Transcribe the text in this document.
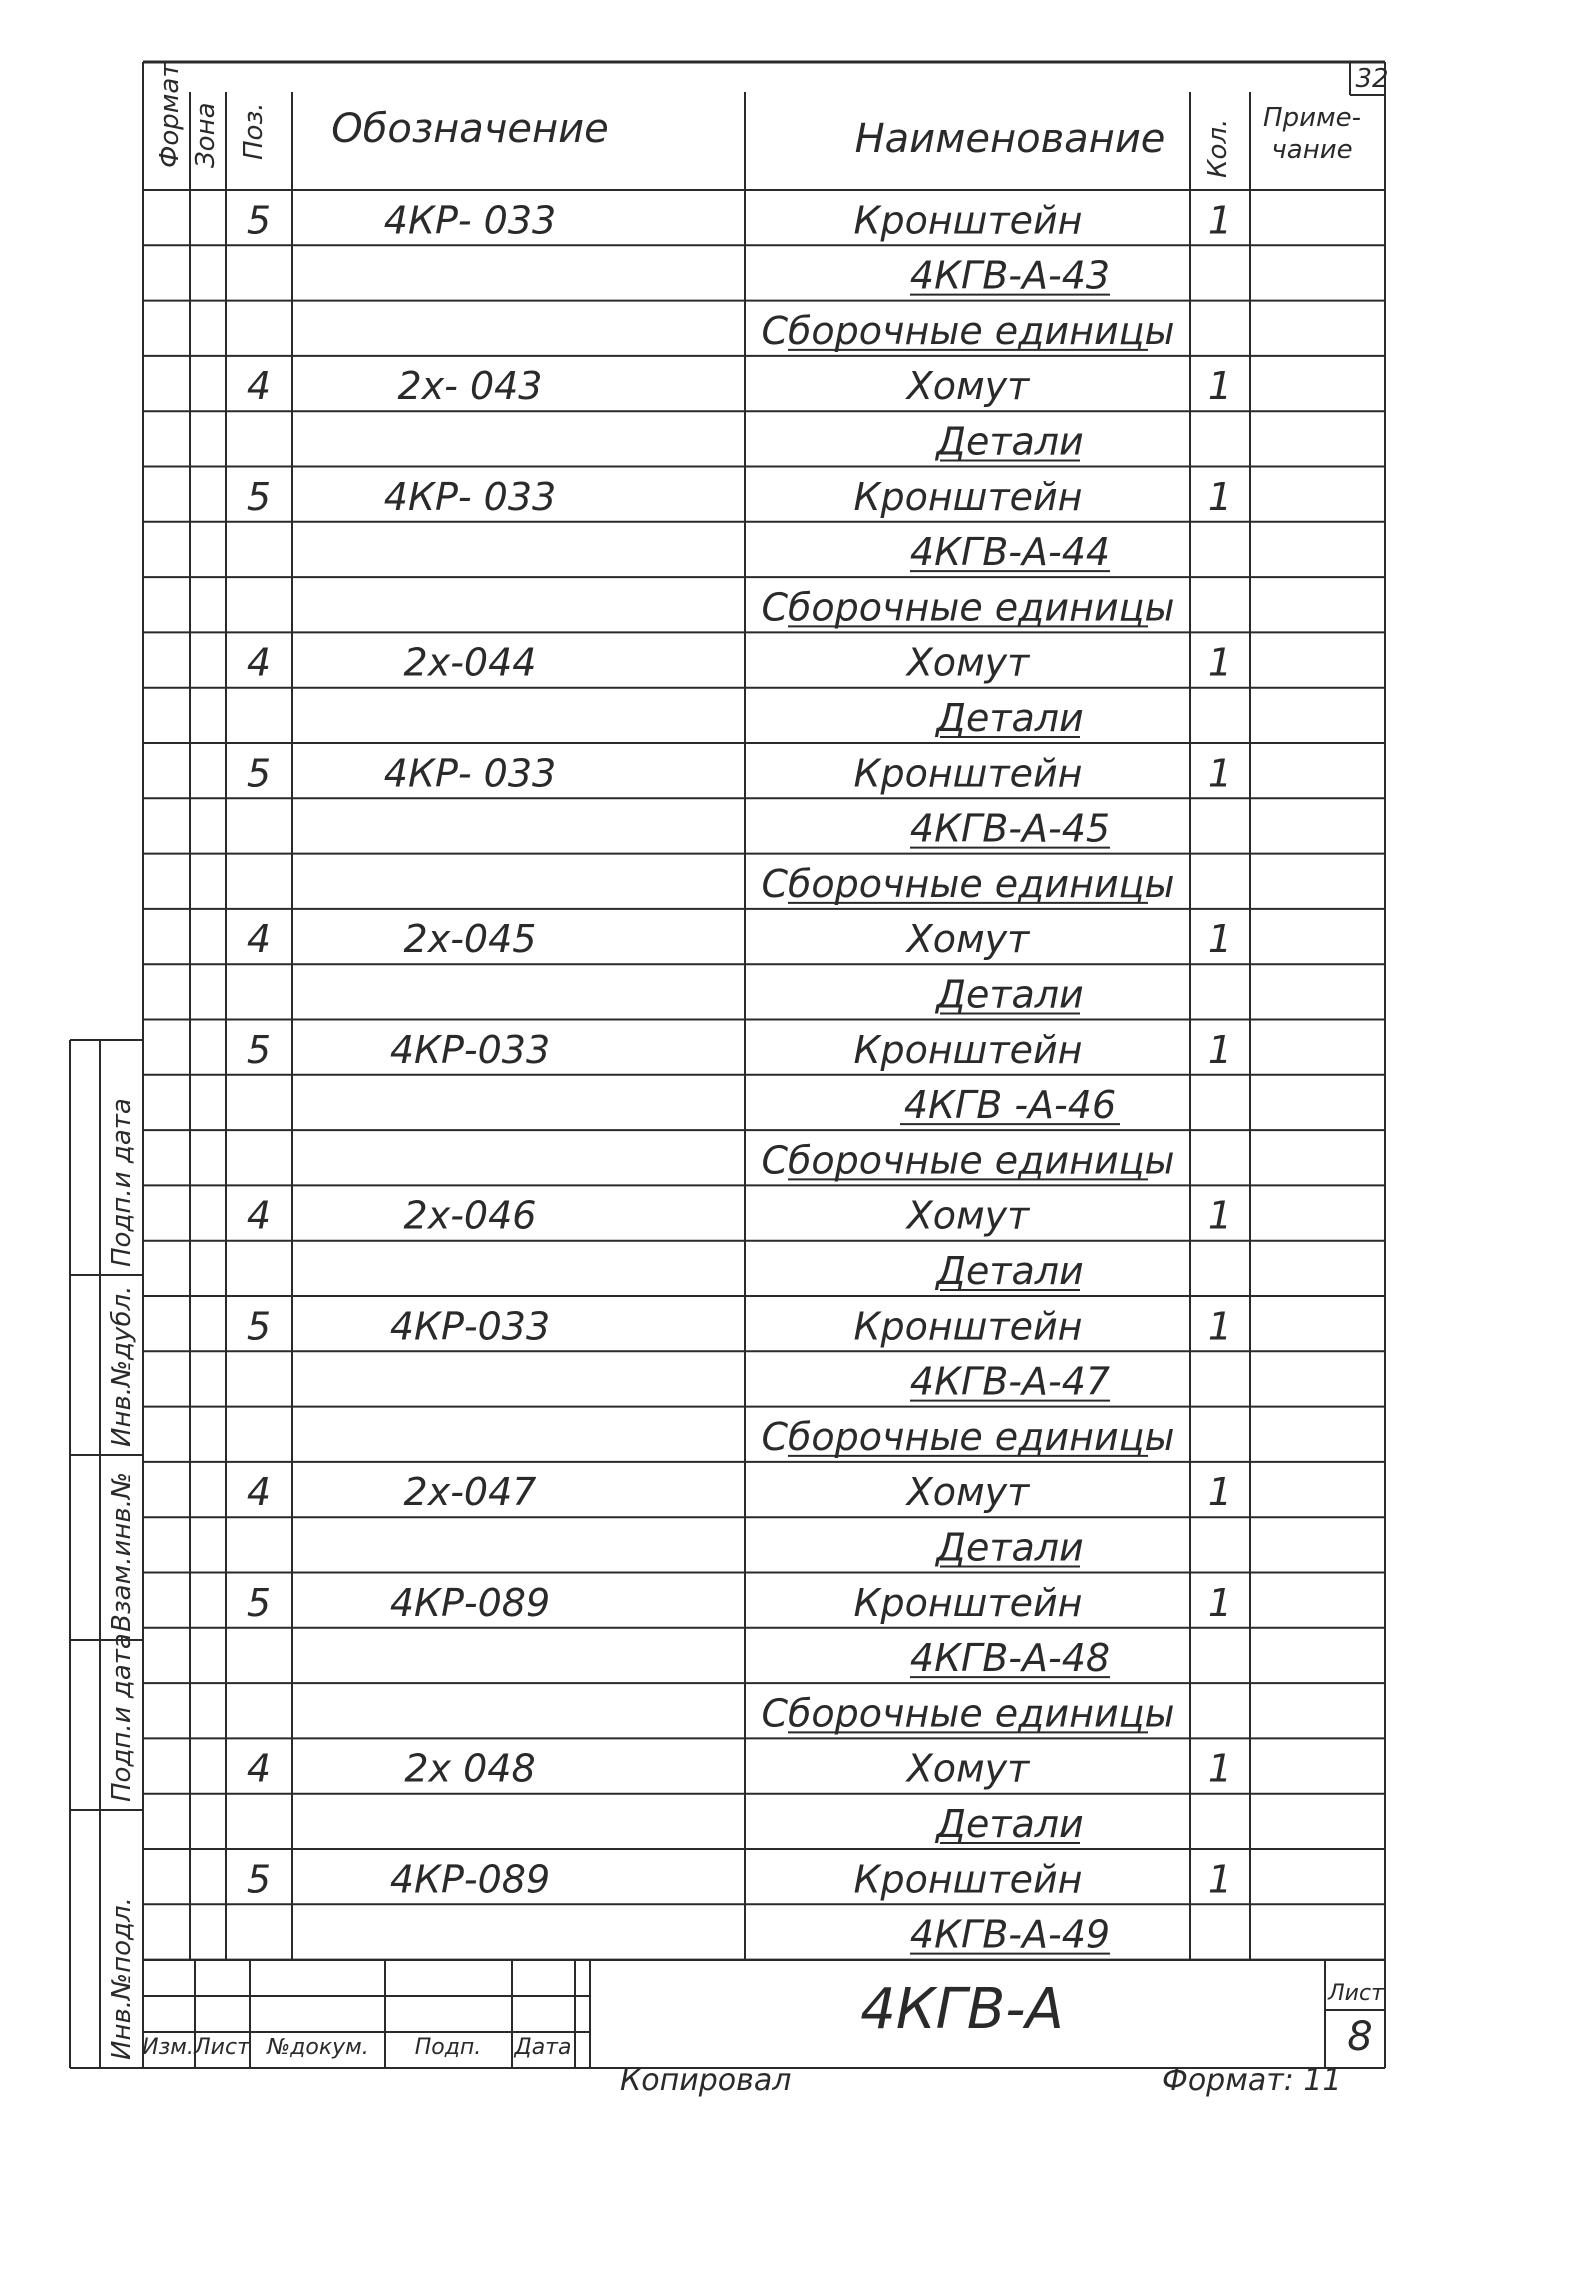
32
Формат Зона Поз. Обозначение	Наименование Кол.
Приме-
чание
5	4КР- 033	Кронштейн	1
4КГВ-А-43
Сборочные единицы
4	2х- 043	Хомут	1
Детали
5	4КР- 033	Кронштейн	1
4КГВ-А-44
Сборочные единицы
4	2х-044	Хомут	1
Детали
5	4КР- 033	Кронштейн	1
4КГВ-А-45
Сборочные единицы
4	2х-045	Хомут	1
Детали
5	4КР-033	Кронштейн	1
4КГВ -А-46
Сборочные единицы
4	2х-046	Хомут	1
Детали
5	4КР-033	Кронштейн	1
4КГВ-А-47
Сборочные единицы
4	2х-047	Хомут	1
Детали
5	4КР-089	Кронштейн	1
4КГВ-А-48
Сборочные единицы
4	2х 048	Хомут	1
Детали
5	4КР-089	Кронштейн	1
4КГВ-А-49
Инв.№подл.
Подп.и дата
Взам.инв.№
Инв.№дубл.
Подп.и дата
Изм. Лист №докум. Подп. Дата
4КГВ-А	Лист
8
Копировал	Формат: 11
